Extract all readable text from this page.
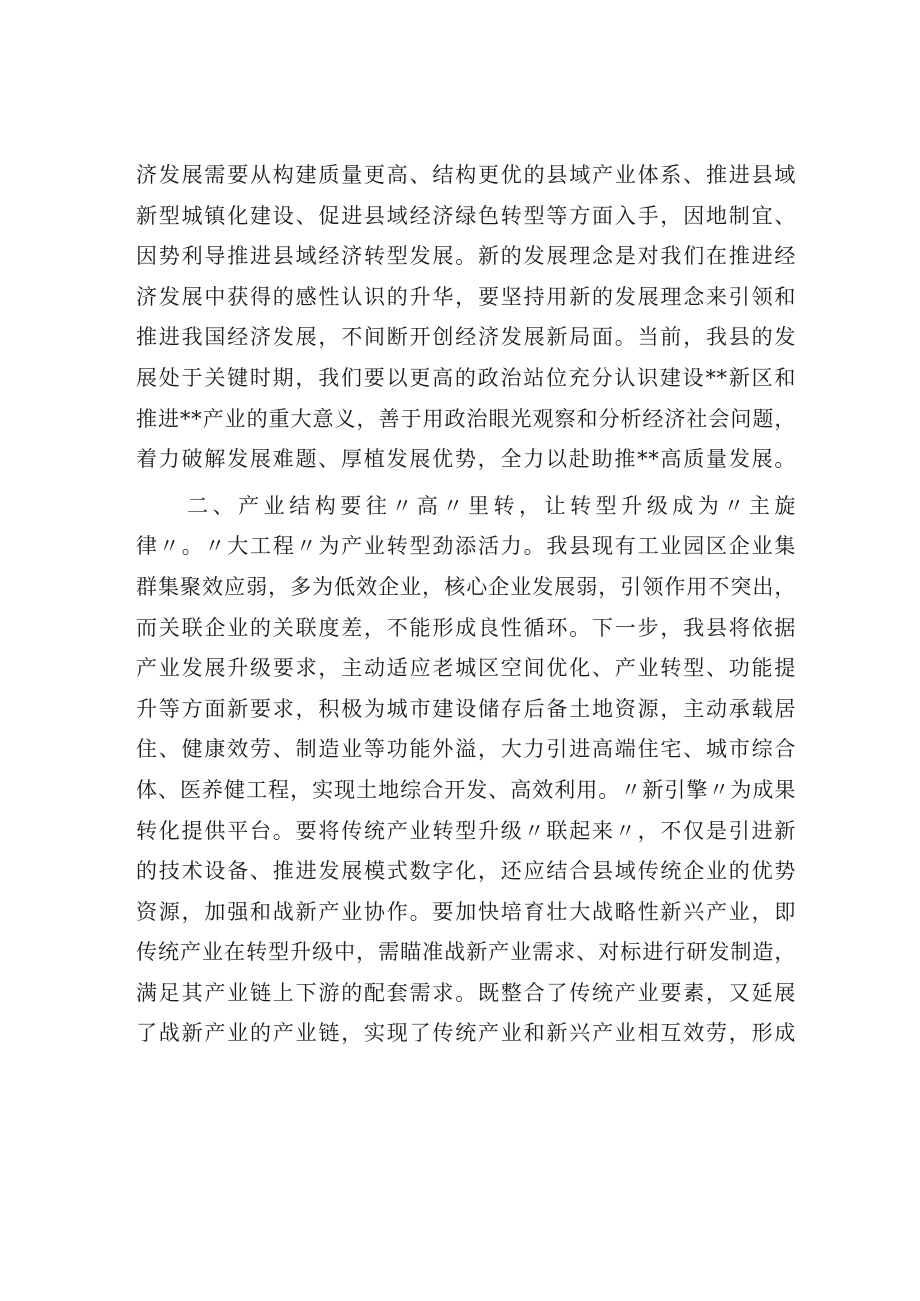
济发展需要从构建质量更高、结构更优的县域产业体系、推进县域
新型城镇化建设、促进县域经济绿色转型等方面入手，因地制宜、
因势利导推进县域经济转型发展。新的发展理念是对我们在推进经
济发展中获得的感性认识的升华，要坚持用新的发展理念来引领和
推进我国经济发展，不间断开创经济发展新局面。当前，我县的发
展处于关键时期，我们要以更高的政治站位充分认识建设**新区和
推进**产业的重大意义，善于用政治眼光观察和分析经济社会问题，
着力破解发展难题、厚植发展优势，全力以赴助推**高质量发展。
　　二、产业结构要往〃高〃里转，让转型升级成为〃主旋
律〃。〃大工程〃为产业转型劲添活力。我县现有工业园区企业集
群集聚效应弱，多为低效企业，核心企业发展弱，引领作用不突出，
而关联企业的关联度差，不能形成良性循环。下一步，我县将依据
产业发展升级要求，主动适应老城区空间优化、产业转型、功能提
升等方面新要求，积极为城市建设储存后备土地资源，主动承载居
住、健康效劳、制造业等功能外溢，大力引进高端住宅、城市综合
体、医养健工程，实现土地综合开发、高效利用。〃新引擎〃为成果
转化提供平台。要将传统产业转型升级〃联起来〃，不仅是引进新
的技术设备、推进发展模式数字化，还应结合县域传统企业的优势
资源，加强和战新产业协作。要加快培育壮大战略性新兴产业，即
传统产业在转型升级中，需瞄准战新产业需求、对标进行研发制造，
满足其产业链上下游的配套需求。既整合了传统产业要素，又延展
了战新产业的产业链，实现了传统产业和新兴产业相互效劳，形成
